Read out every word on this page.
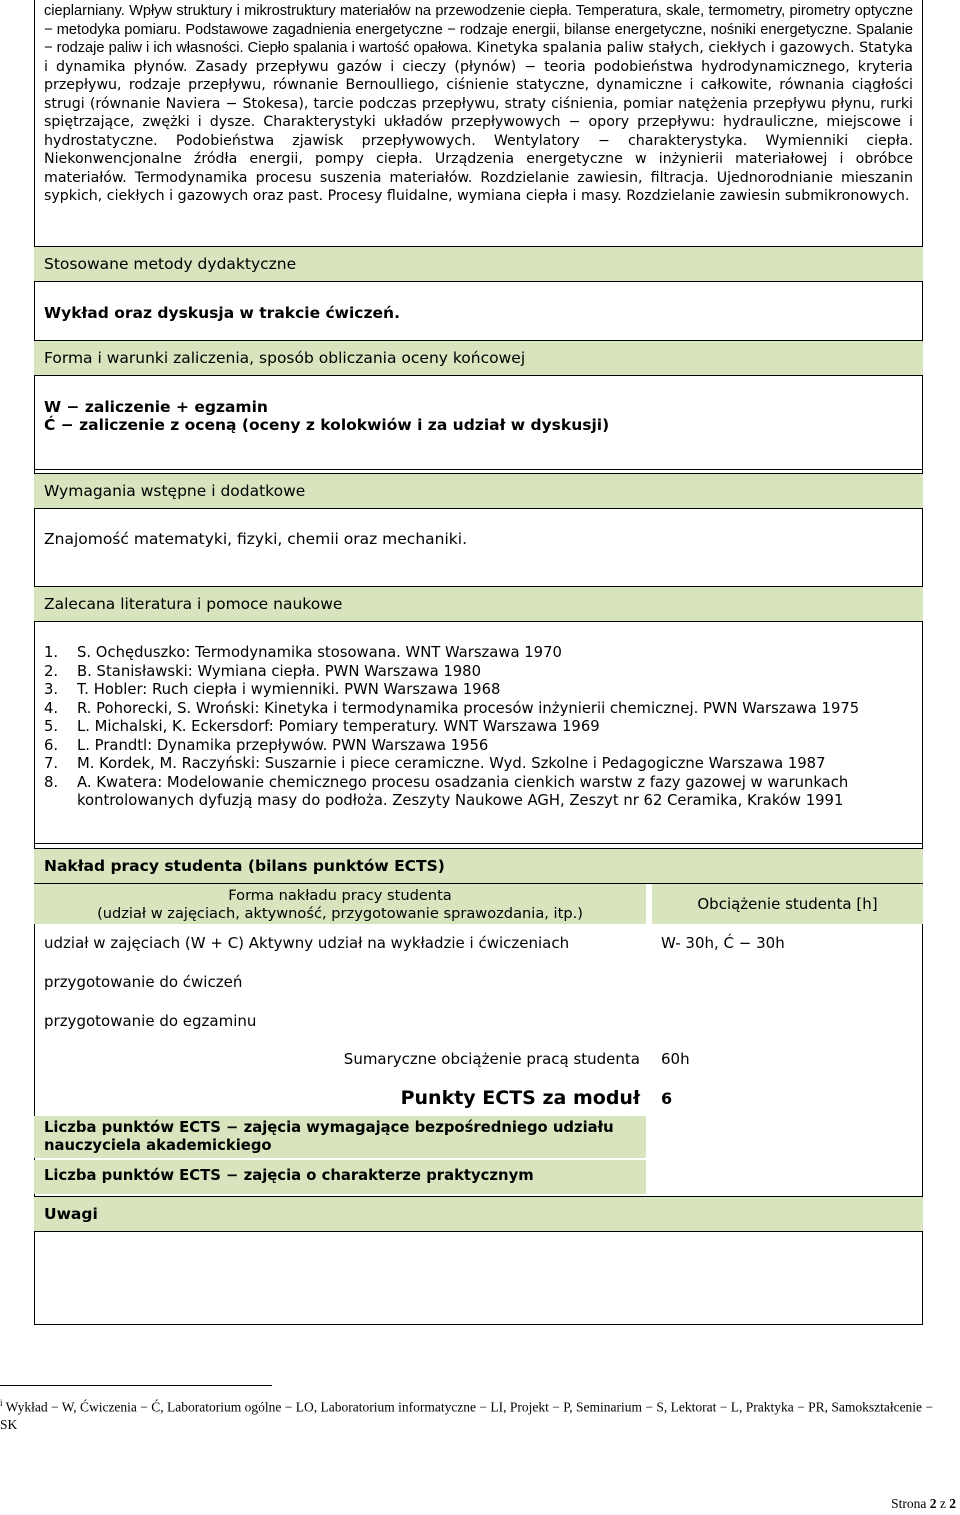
cieplarniany. Wpływ struktury i mikrostruktury materiałów na przewodzenie ciepła. Temperatura, skale, termometry, pirometry optyczne − metodyka pomiaru. Podstawowe zagadnienia energetyczne − rodzaje energii, bilanse energetyczne, nośniki energetyczne. Spalanie − rodzaje paliw i ich własności. Ciepło spalania i wartość opałowa. Kinetyka spalania paliw stałych, ciekłych i gazowych. Statyka i dynamika płynów. Zasady przepływu gazów i cieczy (płynów) − teoria podobieństwa hydrodynamicznego, kryteria przepływu, rodzaje przepływu, równanie Bernoulliego, ciśnienie statyczne, dynamiczne i całkowite, równania ciągłości strugi (równanie Naviera − Stokesa), tarcie podczas przepływu, straty ciśnienia, pomiar natężenia przepływu płynu, rurki spiętrzające, zwężki i dysze. Charakterystyki układów przepływowych − opory przepływu: hydrauliczne, miejscowe i hydrostatyczne. Podobieństwa zjawisk przepływowych. Wentylatory − charakterystyka. Wymienniki ciepła. Niekonwencjonalne źródła energii, pompy ciepła. Urządzenia energetyczne w inżynierii materiałowej i obróbce materiałów. Termodynamika procesu suszenia materiałów. Rozdzielanie zawiesin, filtracja. Ujednorodnianie mieszanin sypkich, ciekłych i gazowych oraz past. Procesy fluidalne, wymiana ciepła i masy. Rozdzielanie zawiesin submikronowych.
Stosowane metody dydaktyczne
Wykład oraz dyskusja w trakcie ćwiczeń.
Forma i warunki zaliczenia, sposób obliczania oceny końcowej
W − zaliczenie + egzamin
Ć − zaliczenie z oceną (oceny z kolokwiów i za udział w dyskusji)
Wymagania wstępne i dodatkowe
Znajomość matematyki, fizyki, chemii oraz mechaniki.
Zalecana literatura i pomoce naukowe
1. S. Ochęduszko: Termodynamika stosowana. WNT Warszawa 1970
2. B. Stanisławski: Wymiana ciepła. PWN Warszawa 1980
3. T. Hobler: Ruch ciepła i wymienniki. PWN Warszawa 1968
4. R. Pohorecki, S. Wroński: Kinetyka i termodynamika procesów inżynierii chemicznej. PWN Warszawa 1975
5. L. Michalski, K. Eckersdorf: Pomiary temperatury. WNT Warszawa 1969
6. L. Prandtl: Dynamika przepływów. PWN Warszawa 1956
7. M. Kordek, M. Raczyński: Suszarnie i piece ceramiczne. Wyd. Szkolne i Pedagogiczne Warszawa 1987
8. A. Kwatera: Modelowanie chemicznego procesu osadzania cienkich warstw z fazy gazowej w warunkach kontrolowanych dyfuzją masy do podłoża. Zeszyty Naukowe AGH, Zeszyt nr 62 Ceramika, Kraków 1991
Nakład pracy studenta (bilans punktów ECTS)
Forma nakładu pracy studenta
(udział w zajęciach, aktywność, przygotowanie sprawozdania, itp.)
Obciążenie studenta [h]
udział w zajęciach (W + C) Aktywny udział na wykładzie i ćwiczeniach	W- 30h, Ć − 30h
przygotowanie do ćwiczeń
przygotowanie do egzaminu
Sumaryczne obciążenie pracą studenta 60h
Punkty ECTS za moduł 6
Liczba punktów ECTS − zajęcia wymagające bezpośredniego udziału nauczyciela akademickiego
Liczba punktów ECTS − zajęcia o charakterze praktycznym
Uwagi
$^i$ Wykład − W, Ćwiczenia − Ć, Laboratorium ogólne − LO, Laboratorium informatyczne − LI, Projekt − P, Seminarium − S, Lektorat − L, Praktyka − PR, Samokształcenie − SK
Strona 2 z 2
